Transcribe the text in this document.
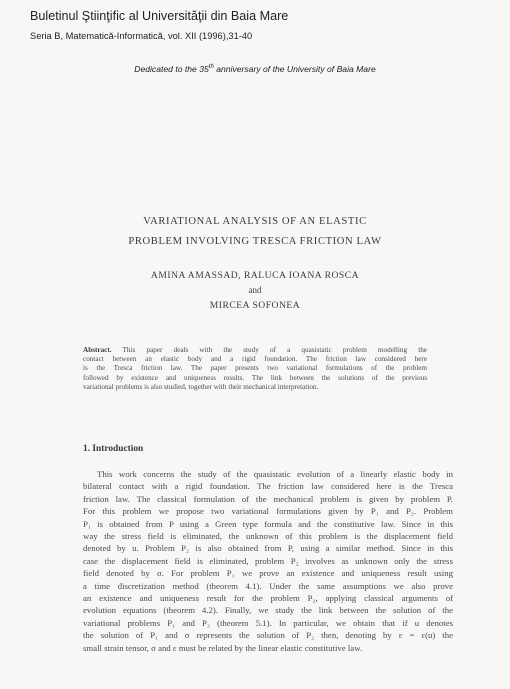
Buletinul Ştiinţific al Universităţii din Baia Mare
Seria B, Matematică-Informatică, vol. XII (1996),31-40
Dedicated to the 35th anniversary of the University of Baia Mare
VARIATIONAL ANALYSIS OF AN ELASTIC
PROBLEM INVOLVING TRESCA FRICTION LAW
AMINA AMASSAD, RALUCA IOANA ROSCA
and
MIRCEA SOFONEA
Abstract. This paper deals with the study of a quasistatic problem modelling the
contact between an elastic body and a rigid foundation. The friction law considered here
is the Tresca friction law. The paper presents two variational formulations of the problem
followed by existence and uniqueness results. The link between the solutions of the previous
variational problems is also studied, together with their mechanical interpretation.
1. Introduction
This work concerns the study of the quasistatic evolution of a linearly elastic body in
bilateral contact with a rigid foundation. The friction law considered here is the Tresca
friction law. The classical formulation of the mechanical problem is given by problem P.
For this problem we propose two variational formulations given by P₁ and P₂. Problem
P₁ is obtained from P using a Green type formula and the constitutive law. Since in this
way the stress field is eliminated, the unknown of this problem is the displacement field
denoted by u. Problem P₂ is also obtained from P, using a similar method. Since in this
case the displacement field is eliminated, problem P₂ involves as unknown only the stress
field denoted by σ. For problem P₁ we prove an existence and uniqueness result using
a time discretization method (theorem 4.1). Under the same assumptions we also prove
an existence and uniqueness result for the problem P₂, applying classical arguments of
evolution equations (theorem 4.2). Finally, we study the link between the solution of the
variational problems P₁ and P₂ (theorem 5.1). In particular, we obtain that if u denotes
the solution of P₁ and σ represents the solution of P₂ then, denoting by ε = ε(u) the
small strain tensor, σ and ε must be related by the linear elastic constitutive law.
